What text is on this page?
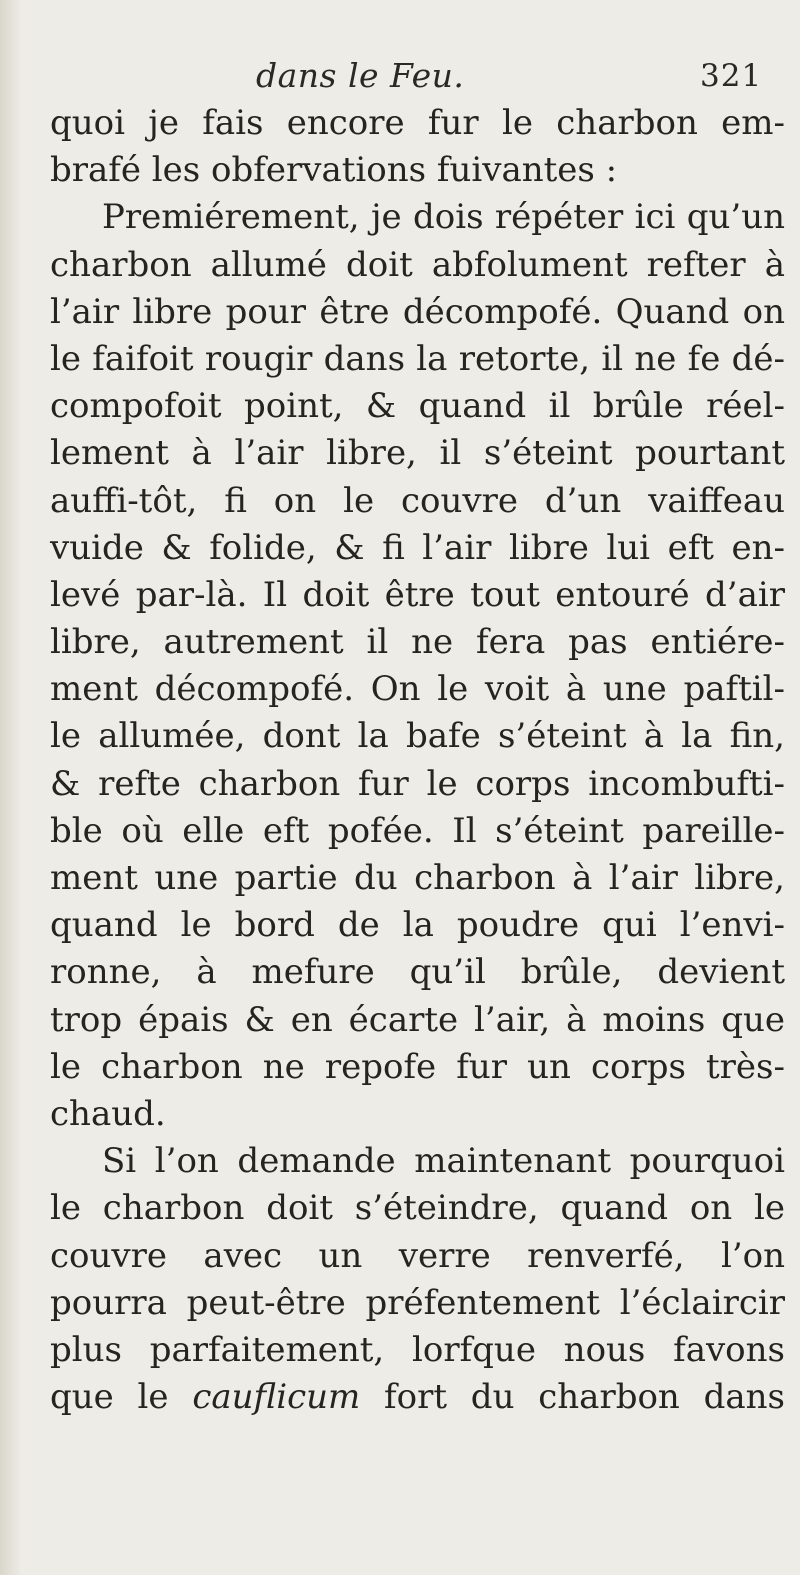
dans le Feu.	321
quoi je fais encore fur le charbon em-
brafé les obfervations fuivantes :
Premiérement, je dois répéter ici qu’un
charbon allumé doit abfolument refter à
l’air libre pour être décompofé. Quand on
le faifoit rougir dans la retorte, il ne fe dé-
compofoit point, & quand il brûle réel-
lement à l’air libre, il s’éteint pourtant
auffi-tôt, fi on le couvre d’un vaiffeau
vuide & folide, & fi l’air libre lui eft en-
levé par-là. Il doit être tout entouré d’air
libre, autrement il ne fera pas entiére-
ment décompofé. On le voit à une paftil-
le allumée, dont la bafe s’éteint à la fin,
& refte charbon fur le corps incombufti-
ble où elle eft pofée. Il s’éteint pareille-
ment une partie du charbon à l’air libre,
quand le bord de la poudre qui l’envi-
ronne, à mefure qu’il brûle, devient
trop épais & en écarte l’air, à moins que
le charbon ne repofe fur un corps très-
chaud.
Si l’on demande maintenant pourquoi
le charbon doit s’éteindre, quand on le
couvre avec un verre renverfé, l’on
pourra peut-être préfentement l’éclaircir
plus parfaitement, lorfque nous favons
que le cauflicum fort du charbon dans
